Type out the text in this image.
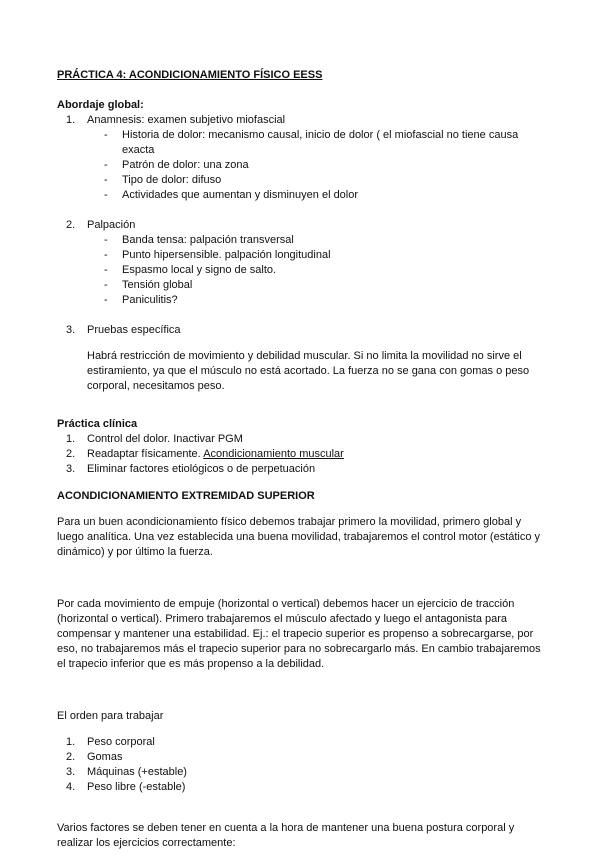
PRÁCTICA 4: ACONDICIONAMIENTO FÍSICO EESS

Abordaje global:

1. Anamnesis: examen subjetivo miofascial
- Historia de dolor: mecanismo causal, inicio de dolor ( el miofascial no tiene causa exacta
- Patrón de dolor: una zona
- Tipo de dolor: difuso
- Actividades que aumentan y disminuyen el dolor
2. Palpación
- Banda tensa: palpación transversal
- Punto hipersensible. palpación longitudinal
- Espasmo local y signo de salto.
- Tensión global
- Paniculitis?
3. Pruebas específica

Habrá restricción de movimiento y debilidad muscular. Si no limita la movilidad no sirve el estiramiento, ya que el músculo no está acortado. La fuerza no se gana con gomas o peso corporal, necesitamos peso.

Práctica clínica

1. Control del dolor. Inactivar PGM
2. Readaptar físicamente. Acondicionamiento muscular
3. Eliminar factores etiológicos o de perpetuación

ACONDICIONAMIENTO EXTREMIDAD SUPERIOR

Para un buen acondicionamiento físico debemos trabajar primero la movilidad, primero global y luego analítica. Una vez establecida una buena movilidad, trabajaremos el control motor (estático y dinámico) y por último la fuerza.

Por cada movimiento de empuje (horizontal o vertical) debemos hacer un ejercicio de tracción (horizontal o vertical). Primero trabajaremos el músculo afectado y luego el antagonista para compensar y mantener una estabilidad. Ej.: el trapecio superior es propenso a sobrecargarse, por eso, no trabajaremos más el trapecio superior para no sobrecargarlo más. En cambio trabajaremos el trapecio inferior que es más propenso a la debilidad.

El orden para trabajar

1. Peso corporal
2. Gomas
3. Máquinas (+estable)
4. Peso libre (-estable)

Varios factores se deben tener en cuenta a la hora de mantener una buena postura corporal y realizar los ejercicios correctamente:
